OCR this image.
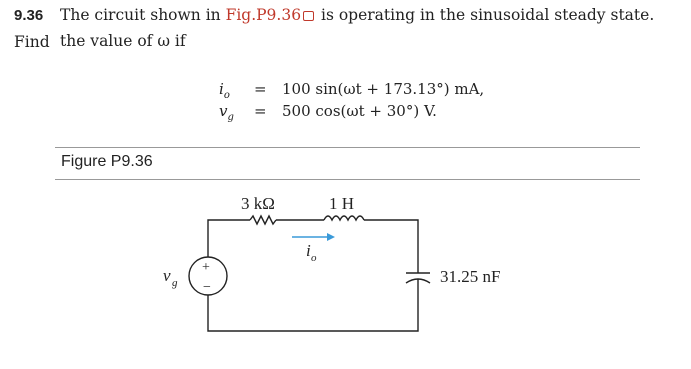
9.36 The circuit shown in Fig.P9.36 is operating in the sinusoidal steady state. Find the value of ω if
$i_o = 100$ sin(ωt + 173.13°) mA,
$v_g = 500$ cos(ωt + 30°) V.
Figure P9.36
3 kΩ	1 H
31.25 nF
i o
v g
+
−
